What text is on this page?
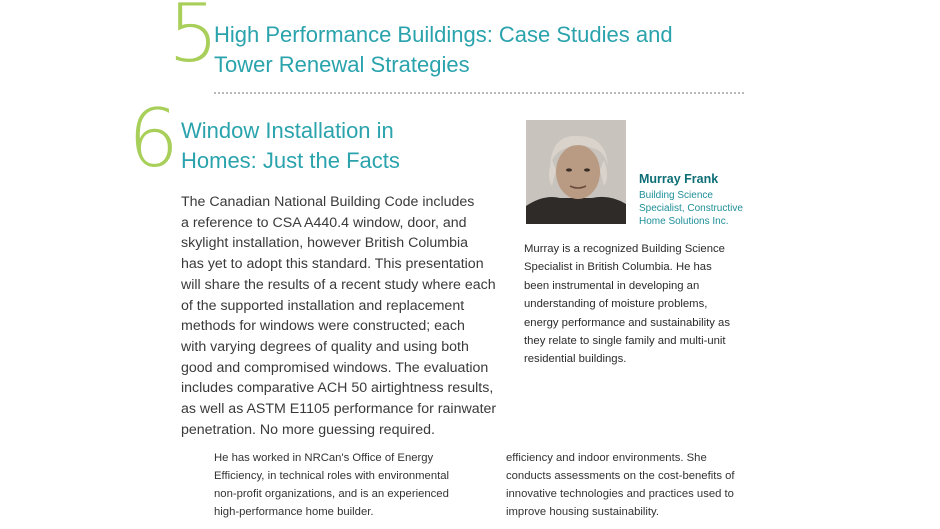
5
High Performance Buildings: Case Studies and
Tower Renewal Strategies
He has worked in NRCan's Office of Energy
Efficiency, in technical roles with environmental
non-profit organizations, and is an experienced
high-performance home builder.
efficiency and indoor environments. She
conducts assessments on the cost-benefits of
innovative technologies and practices used to
improve housing sustainability.
6 Window Installation in
Homes: Just the Facts
The Canadian National Building Code includes
a reference to CSA A440.4 window, door, and
skylight installation, however British Columbia
has yet to adopt this standard. This presentation
will share the results of a recent study where each
of the supported installation and replacement
methods for windows were constructed; each
with varying degrees of quality and using both
good and compromised windows. The evaluation
includes comparative ACH 50 airtightness results,
as well as ASTM E1105 performance for rainwater
penetration. No more guessing required.
Murray Frank
Building Science
Specialist, Constructive
Home Solutions Inc.
Murray is a recognized Building Science
Specialist in British Columbia. He has
been instrumental in developing an
understanding of moisture problems,
energy performance and sustainability as
they relate to single family and multi-unit
residential buildings.
